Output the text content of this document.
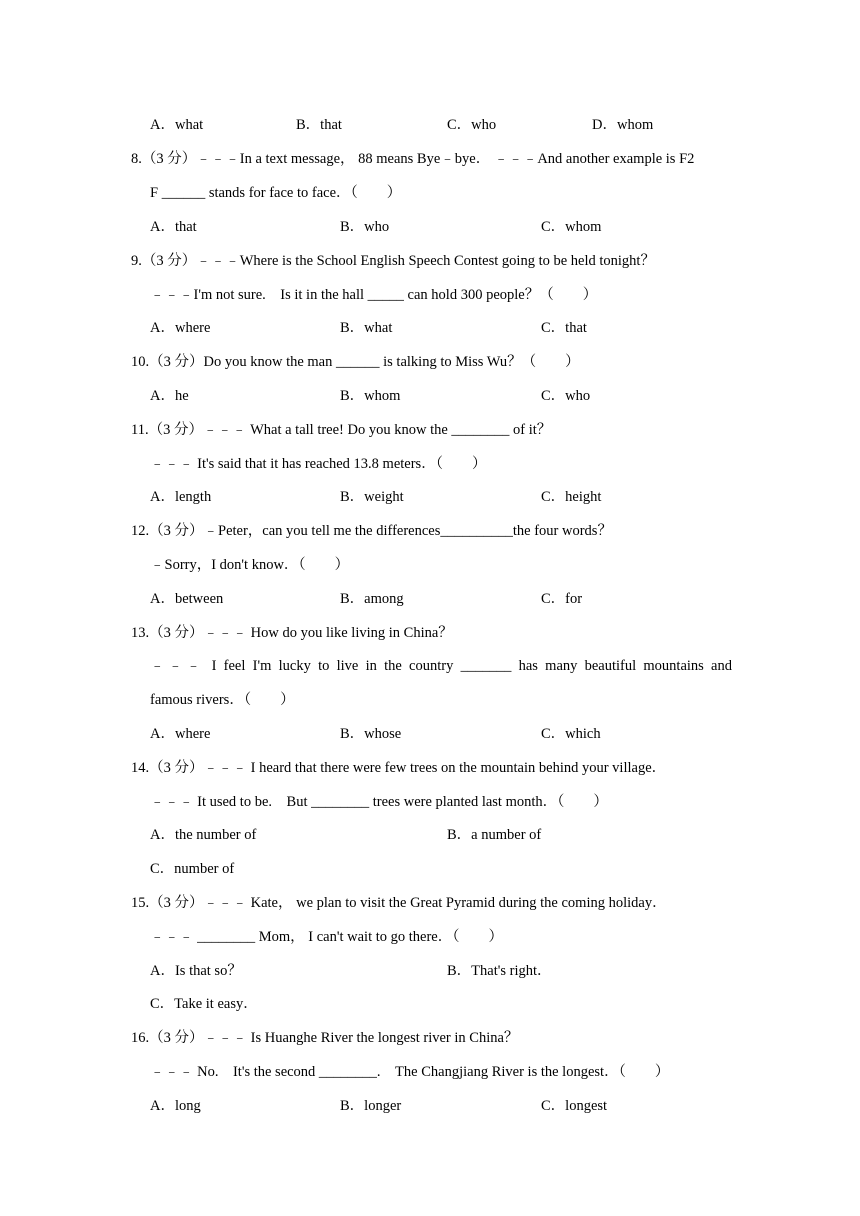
A．what	B．that	C．who	D．whom
8.（3 分）﹣﹣﹣In a text message， 88 means Bye﹣bye． ﹣﹣﹣And another example is F2
F ______ stands for face to face．（　　）
A．that	B．who	C．whom
9.（3 分）﹣﹣﹣Where is the School English Speech Contest going to be held tonight？
﹣﹣﹣I'm not sure.　Is it in the hall _____ can hold 300 people？（　　）
A．where	B．what	C．that
10.（3 分）Do you know the man ______ is talking to Miss Wu？（　　）
A．he	B．whom	C．who
11.（3 分）﹣﹣﹣ What a tall tree! Do you know the ________ of it？
﹣﹣﹣ It's said that it has reached 13.8 meters．（　　）
A．length	B．weight	C．height
12.（3 分）﹣Peter，can you tell me the differences__________the four words？
﹣Sorry，I don't know．（　　）
A．between	B．among	C．for
13.（3 分）﹣﹣﹣ How do you like living in China？
﹣﹣﹣ I feel I'm lucky to live in the country _______ has many beautiful mountains and
famous rivers．（　　）
A．where	B．whose	C．which
14.（3 分）﹣﹣﹣ I heard that there were few trees on the mountain behind your village．
﹣﹣﹣ It used to be.　But ________ trees were planted last month．（　　）
A．the number of	B．a number of
C．number of
15.（3 分）﹣﹣﹣ Kate， we plan to visit the Great Pyramid during the coming holiday．
﹣﹣﹣ ________ Mom， I can't wait to go there．（　　）
A．Is that so？	B．That's right．
C．Take it easy．
16.（3 分）﹣﹣﹣ Is Huanghe River the longest river in China？
﹣﹣﹣ No.　It's the second ________.　The Changjiang River is the longest．（　　）
A．long	B．longer	C．longest
